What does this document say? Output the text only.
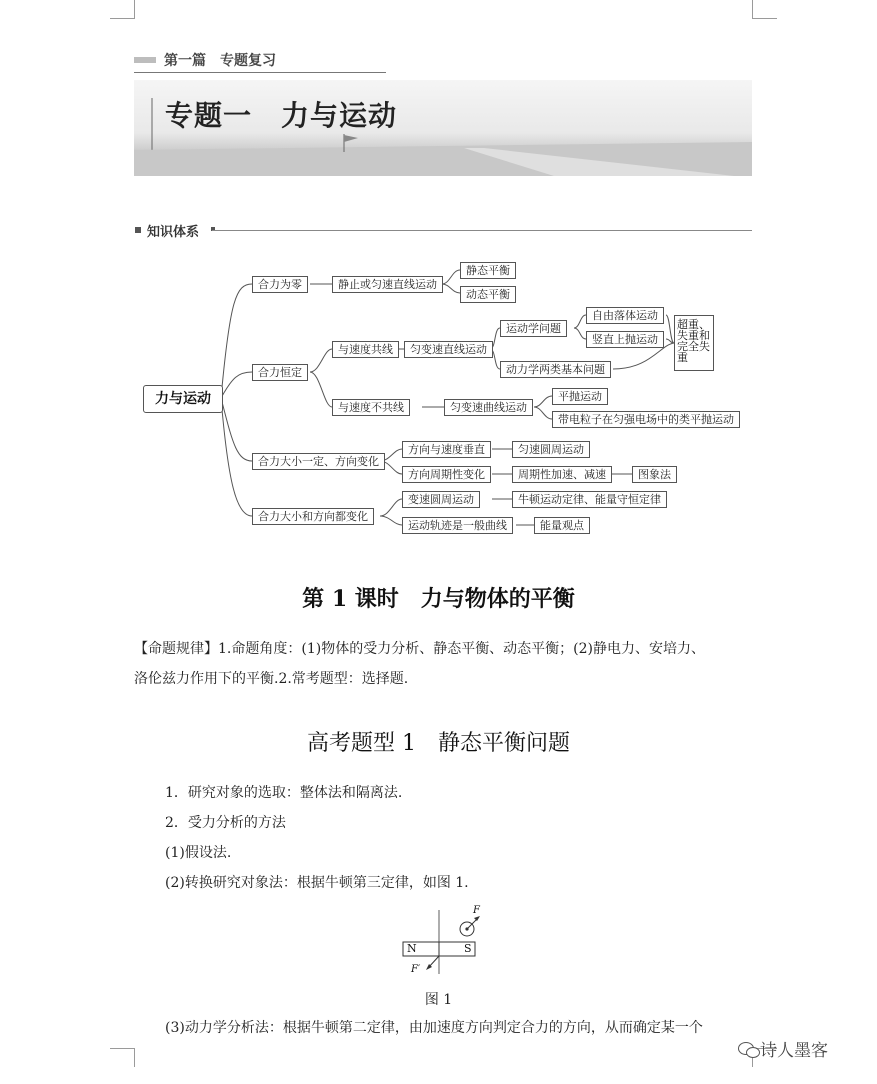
第一篇　专题复习
专题一　力与运动
知识体系
力与运动
合力为零
合力恒定
合力大小一定、方向变化
合力大小和方向都变化
静止或匀速直线运动
静态平衡
动态平衡
与速度共线	匀变速直线运动
运动学问题
自由落体运动
竖直上抛运动
超重、失重和完全失重
动力学两类基本问题
与速度不共线	匀变速曲线运动
平抛运动
带电粒子在匀强电场中的类平抛运动
方向与速度垂直	匀速圆周运动
方向周期性变化	周期性加速、减速	图象法
变速圆周运动	牛顿运动定律、能量守恒定律
运动轨迹是一般曲线	能量观点
第 1 课时　力与物体的平衡
【命题规律】1.命题角度：(1)物体的受力分析、静态平衡、动态平衡；(2)静电力、安培力、
洛伦兹力作用下的平衡.2.常考题型：选择题.
高考题型 1　静态平衡问题
1．研究对象的选取：整体法和隔离法.
2．受力分析的方法
(1)假设法.
(2)转换研究对象法：根据牛顿第三定律，如图 1.
N	S
F
F′
图 1
(3)动力学分析法：根据牛顿第二定律，由加速度方向判定合力的方向，从而确定某一个
诗人墨客
